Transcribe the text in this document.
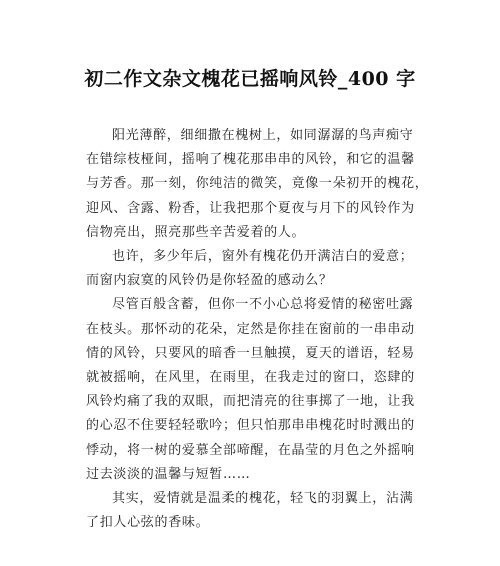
初二作文杂文槐花已摇响风铃_400 字

阳光薄醉，细细撒在槐树上，如同潺潺的鸟声痴守
在错综枝桠间，摇响了槐花那串串的风铃，和它的温馨
与芳香。那一刻，你纯洁的微笑，竟像一朵初开的槐花，
迎风、含露、粉香，让我把那个夏夜与月下的风铃作为
信物亮出，照亮那些辛苦爱着的人。

也许，多少年后，窗外有槐花仍开满洁白的爱意；
而窗内寂寞的风铃仍是你轻盈的感动么？

尽管百般含蓄，但你一不小心总将爱情的秘密吐露
在枝头。那怀动的花朵，定然是你挂在窗前的一串串动
情的风铃，只要风的暗香一旦触摸，夏天的谱语，轻易
就被摇响，在风里，在雨里，在我走过的窗口，恣肆的
风铃灼痛了我的双眼，而把清亮的往事掷了一地，让我
的心忍不住要轻轻歌吟；但只怕那串串槐花时时溅出的
悸动，将一树的爱慕全部啼醒，在晶莹的月色之外摇响
过去淡淡的温馨与短暂……

其实，爱情就是温柔的槐花，轻飞的羽翼上，沾满
了扣人心弦的香味。
